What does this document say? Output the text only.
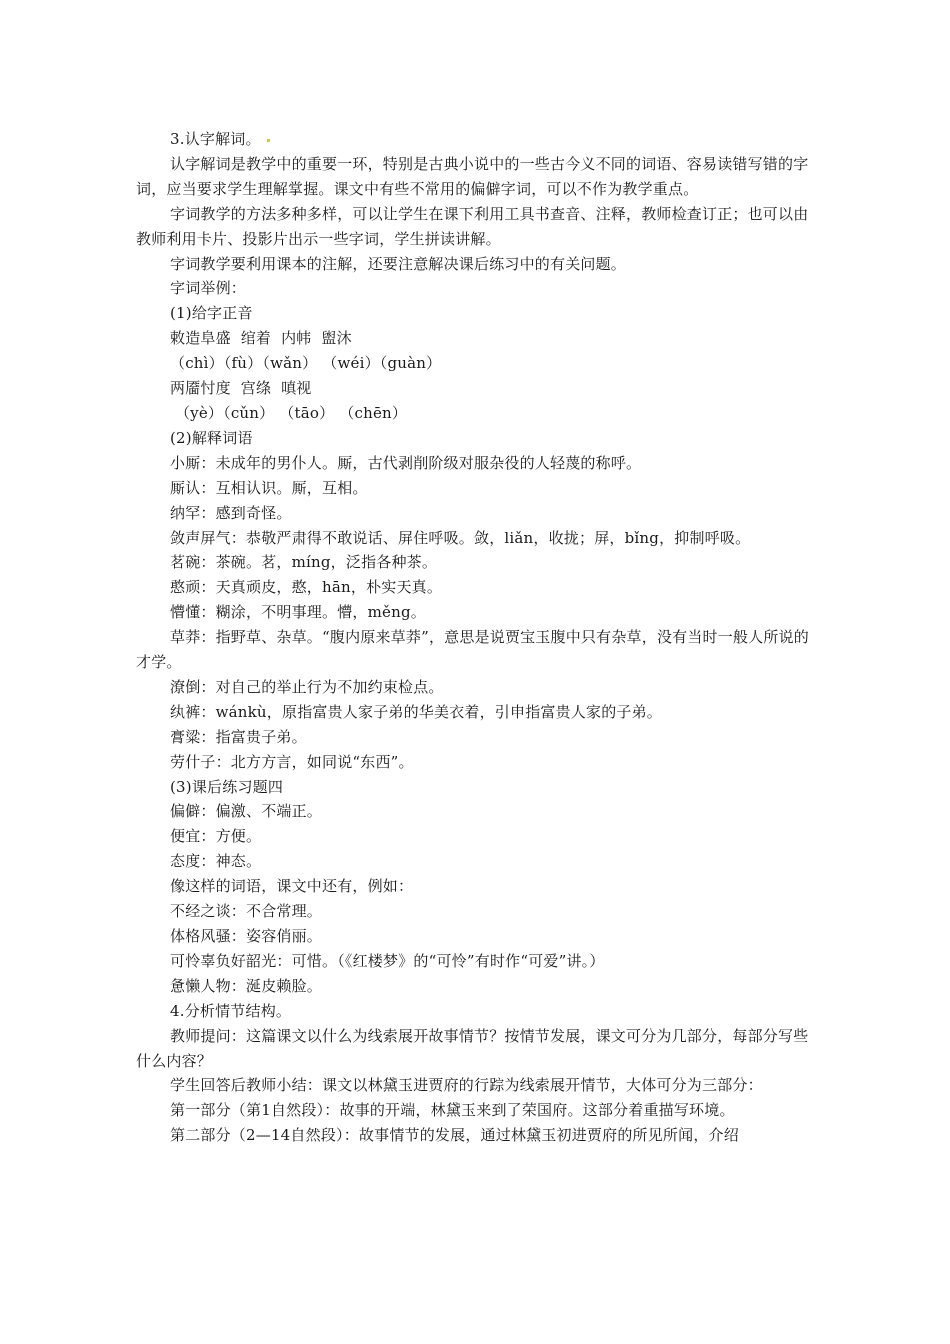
3.认字解词。
认字解词是教学中的重要一环，特别是古典小说中的一些古今义不同的词语、容易读错写错的字词，应当要求学生理解掌握。课文中有些不常用的偏僻字词，可以不作为教学重点。
字词教学的方法多种多样，可以让学生在课下利用工具书查音、注释，教师检查订正；也可以由教师利用卡片、投影片出示一些字词，学生拼读讲解。
字词教学要利用课本的注解，还要注意解决课后练习中的有关问题。
字词举例：
(1)给字正音
敕造阜盛  绾着  内帏  盥沐
（chì）（fù）（wǎn） （wéi）（guàn）
两靥忖度  宫绦  嗔视
（yè）（cǔn） （tāo） （chēn）
(2)解释词语
小厮：未成年的男仆人。厮，古代剥削阶级对服杂役的人轻蔑的称呼。
厮认：互相认识。厮，互相。
纳罕：感到奇怪。
敛声屏气：恭敬严肃得不敢说话、屏住呼吸。敛，liǎn，收拢；屏，bǐng，抑制呼吸。
茗碗：茶碗。茗，míng，泛指各种茶。
憨顽：天真顽皮，憨，hān，朴实天真。
懵懂：糊涂，不明事理。懵，měng。
草莽：指野草、杂草。“腹内原来草莽”，意思是说贾宝玉腹中只有杂草，没有当时一般人所说的才学。
潦倒：对自己的举止行为不加约束检点。
纨裤：wánkù，原指富贵人家子弟的华美衣着，引申指富贵人家的子弟。
膏粱：指富贵子弟。
劳什子：北方方言，如同说“东西”。
(3)课后练习题四
偏僻：偏激、不端正。
便宜：方便。
态度：神态。
像这样的词语，课文中还有，例如：
不经之谈：不合常理。
体格风骚：姿容俏丽。
可怜辜负好韶光：可惜。（《红楼梦》的“可怜”有时作“可爱”讲。）
惫懒人物：涎皮赖脸。
4.分析情节结构。
教师提问：这篇课文以什么为线索展开故事情节？按情节发展，课文可分为几部分，每部分写些什么内容？
学生回答后教师小结：课文以林黛玉进贾府的行踪为线索展开情节，大体可分为三部分：
第一部分（第1自然段）：故事的开端，林黛玉来到了荣国府。这部分着重描写环境。
第二部分（2—14自然段）：故事情节的发展，通过林黛玉初进贾府的所见所闻，介绍
